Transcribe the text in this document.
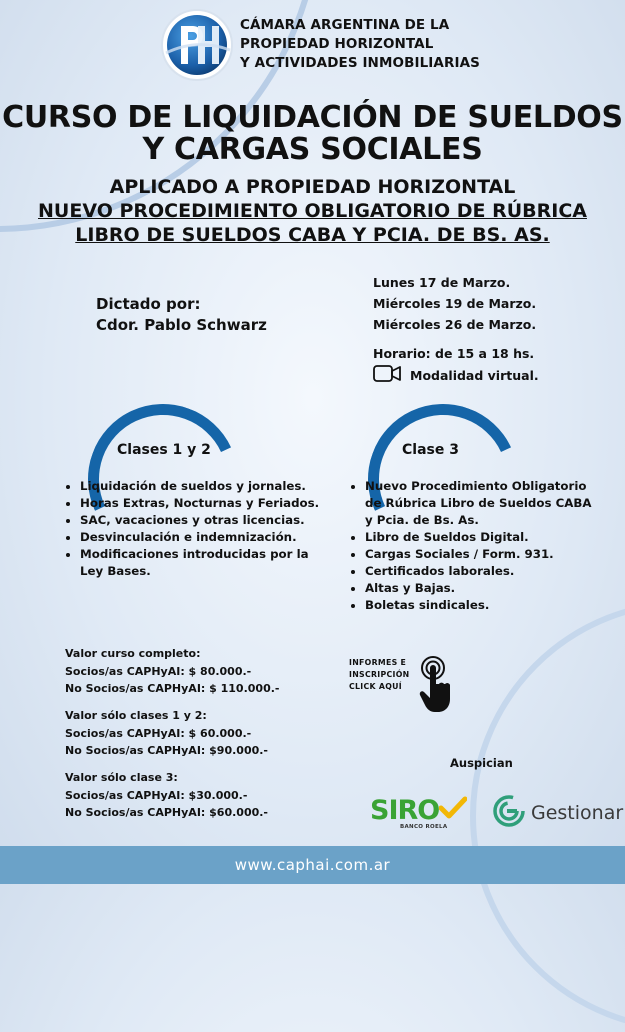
CÁMARA ARGENTINA DE LA
PROPIEDAD HORIZONTAL
Y ACTIVIDADES INMOBILIARIAS
CURSO DE LIQUIDACIÓN DE SUELDOS
Y CARGAS SOCIALES
APLICADO A PROPIEDAD HORIZONTAL
NUEVO PROCEDIMIENTO OBLIGATORIO DE RÚBRICA
LIBRO DE SUELDOS CABA Y PCIA. DE BS. AS.
Dictado por:
Cdor. Pablo Schwarz
Lunes 17 de Marzo.
Miércoles 19 de Marzo.
Miércoles 26 de Marzo.
Horario: de 15 a 18 hs.
Modalidad virtual.
Clases 1 y 2
• Liquidación de sueldos y jornales.
• Horas Extras, Nocturnas y Feriados.
• SAC, vacaciones y otras licencias.
• Desvinculación e indemnización.
• Modificaciones introducidas por la Ley Bases.
Clase 3
• Nuevo Procedimiento Obligatorio de Rúbrica Libro de Sueldos CABA y Pcia. de Bs. As.
• Libro de Sueldos Digital.
• Cargas Sociales / Form. 931.
• Certificados laborales.
• Altas y Bajas.
• Boletas sindicales.
Valor curso completo:
Socios/as CAPHyAI: $ 80.000.-
No Socios/as CAPHyAI: $ 110.000.-
Valor sólo clases 1 y 2:
Socios/as CAPHyAI: $ 60.000.-
No Socios/as CAPHyAI: $90.000.-
Valor sólo clase 3:
Socios/as CAPHyAI: $30.000.-
No Socios/as CAPHyAI: $60.000.-
INFORMES E
INSCRIPCIÓN
CLICK AQUÍ
Auspician
SIRO
BANCO ROELA
Gestionar
www.caphai.com.ar
